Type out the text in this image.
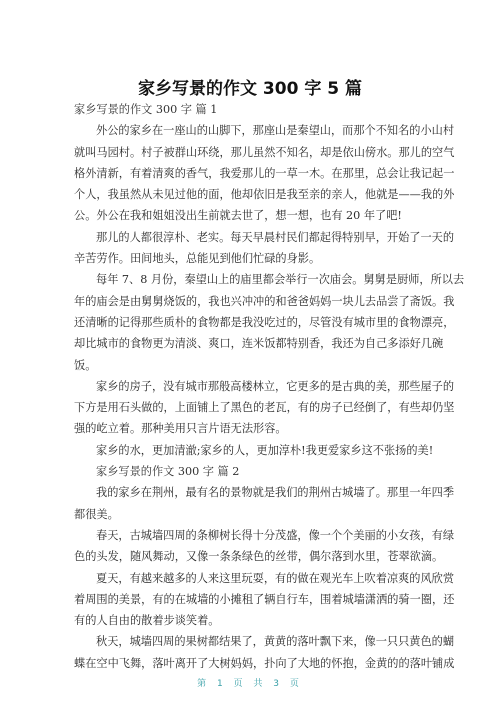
家乡写景的作文 300 字 5 篇
家乡写景的作文 300 字 篇 1
外公的家乡在一座山的山脚下，那座山是秦望山，而那个不知名的小山村
就叫马园村。村子被群山环绕，那儿虽然不知名，却是依山傍水。那儿的空气
格外清新，有着清爽的香气，我爱那儿的一草一木。在那里，总会让我记起一
个人，我虽然从未见过他的面，他却依旧是我至亲的亲人，他就是——我的外
公。外公在我和姐姐没出生前就去世了，想一想，也有 20 年了吧!
那儿的人都很淳朴、老实。每天早晨村民们都起得特别早，开始了一天的
辛苦劳作。田间地头，总能见到他们忙碌的身影。
每年 7、8 月份，秦望山上的庙里都会举行一次庙会。舅舅是厨师，所以去
年的庙会是由舅舅烧饭的，我也兴冲冲的和爸爸妈妈一块儿去品尝了斋饭。我
还清晰的记得那些质朴的食物都是我没吃过的，尽管没有城市里的食物漂亮，
却比城市的食物更为清淡、爽口，连米饭都特别香，我还为自己多添好几碗
饭。
家乡的房子，没有城市那般高楼林立，它更多的是古典的美，那些屋子的
下方是用石头做的，上面铺上了黑色的老瓦，有的房子已经倒了，有些却仍坚
强的屹立着。那种美用只言片语无法形容。
家乡的水，更加清澈;家乡的人，更加淳朴!我更爱家乡这不张扬的美!
家乡写景的作文 300 字 篇 2
我的家乡在荆州，最有名的景物就是我们的荆州古城墙了。那里一年四季
都很美。
春天，古城墙四周的条柳树长得十分茂盛，像一个个美丽的小女孩，有绿
色的头发，随风舞动，又像一条条绿色的丝带，偶尔落到水里，苍翠欲滴。
夏天，有越来越多的人来这里玩耍，有的做在观光车上吹着凉爽的风欣赏
着周围的美景，有的在城墙的小摊租了辆自行车，围着城墙潇洒的骑一圈，还
有的人自由的散着步谈笑着。
秋天，城墙四周的果树都结果了，黄黄的落叶飘下来，像一只只黄色的蝴
蝶在空中飞舞，落叶离开了大树妈妈，扑向了大地的怀抱，金黄的的落叶铺成
第 1 页 共 3 页
